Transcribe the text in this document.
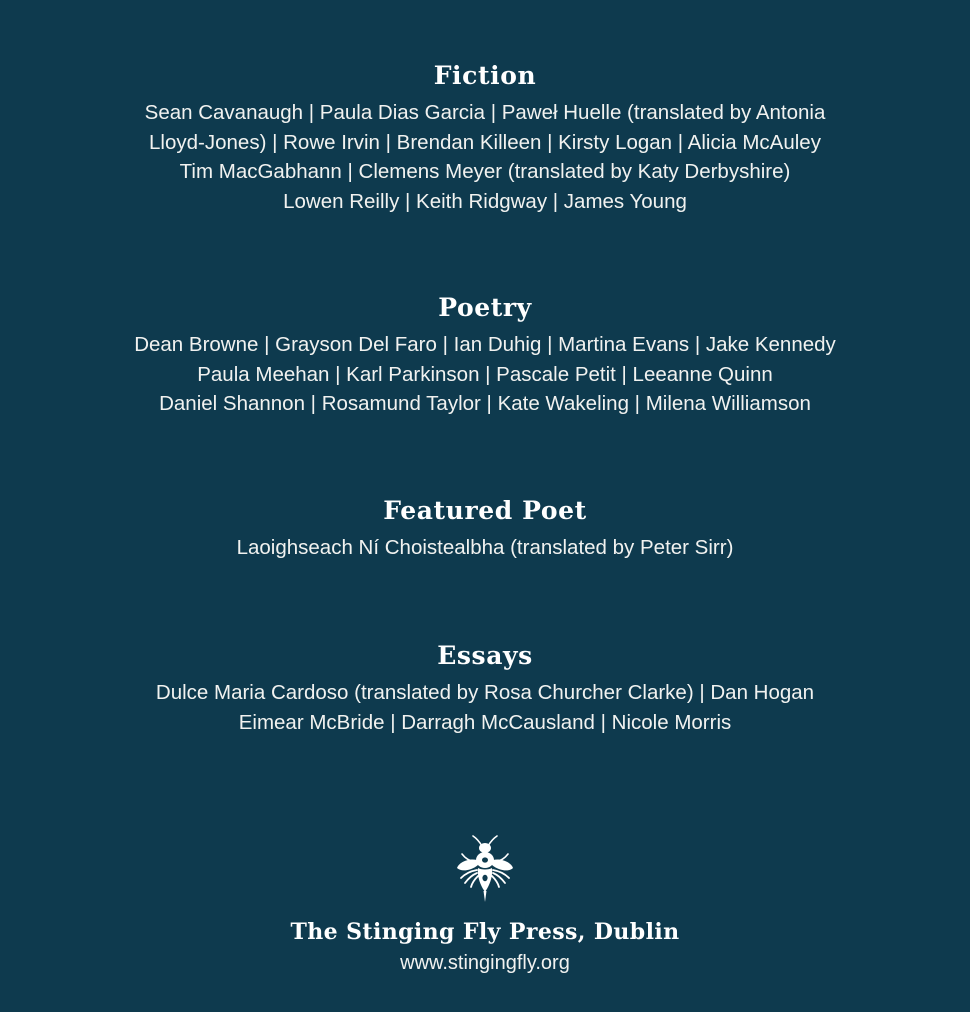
Fiction

Sean Cavanaugh | Paula Dias Garcia | Paweł Huelle (translated by Antonia
Lloyd-Jones) | Rowe Irvin | Brendan Killeen | Kirsty Logan | Alicia McAuley
Tim MacGabhann | Clemens Meyer (translated by Katy Derbyshire)
Lowen Reilly | Keith Ridgway | James Young

Poetry

Dean Browne | Grayson Del Faro | Ian Duhig | Martina Evans | Jake Kennedy
Paula Meehan | Karl Parkinson | Pascale Petit | Leeanne Quinn
Daniel Shannon | Rosamund Taylor | Kate Wakeling | Milena Williamson

Featured Poet

Laoighseach Ní Choistealbha (translated by Peter Sirr)

Essays

Dulce Maria Cardoso (translated by Rosa Churcher Clarke) | Dan Hogan
Eimear McBride | Darragh McCausland | Nicole Morris

The Stinging Fly Press, Dublin

www.stingingfly.org
